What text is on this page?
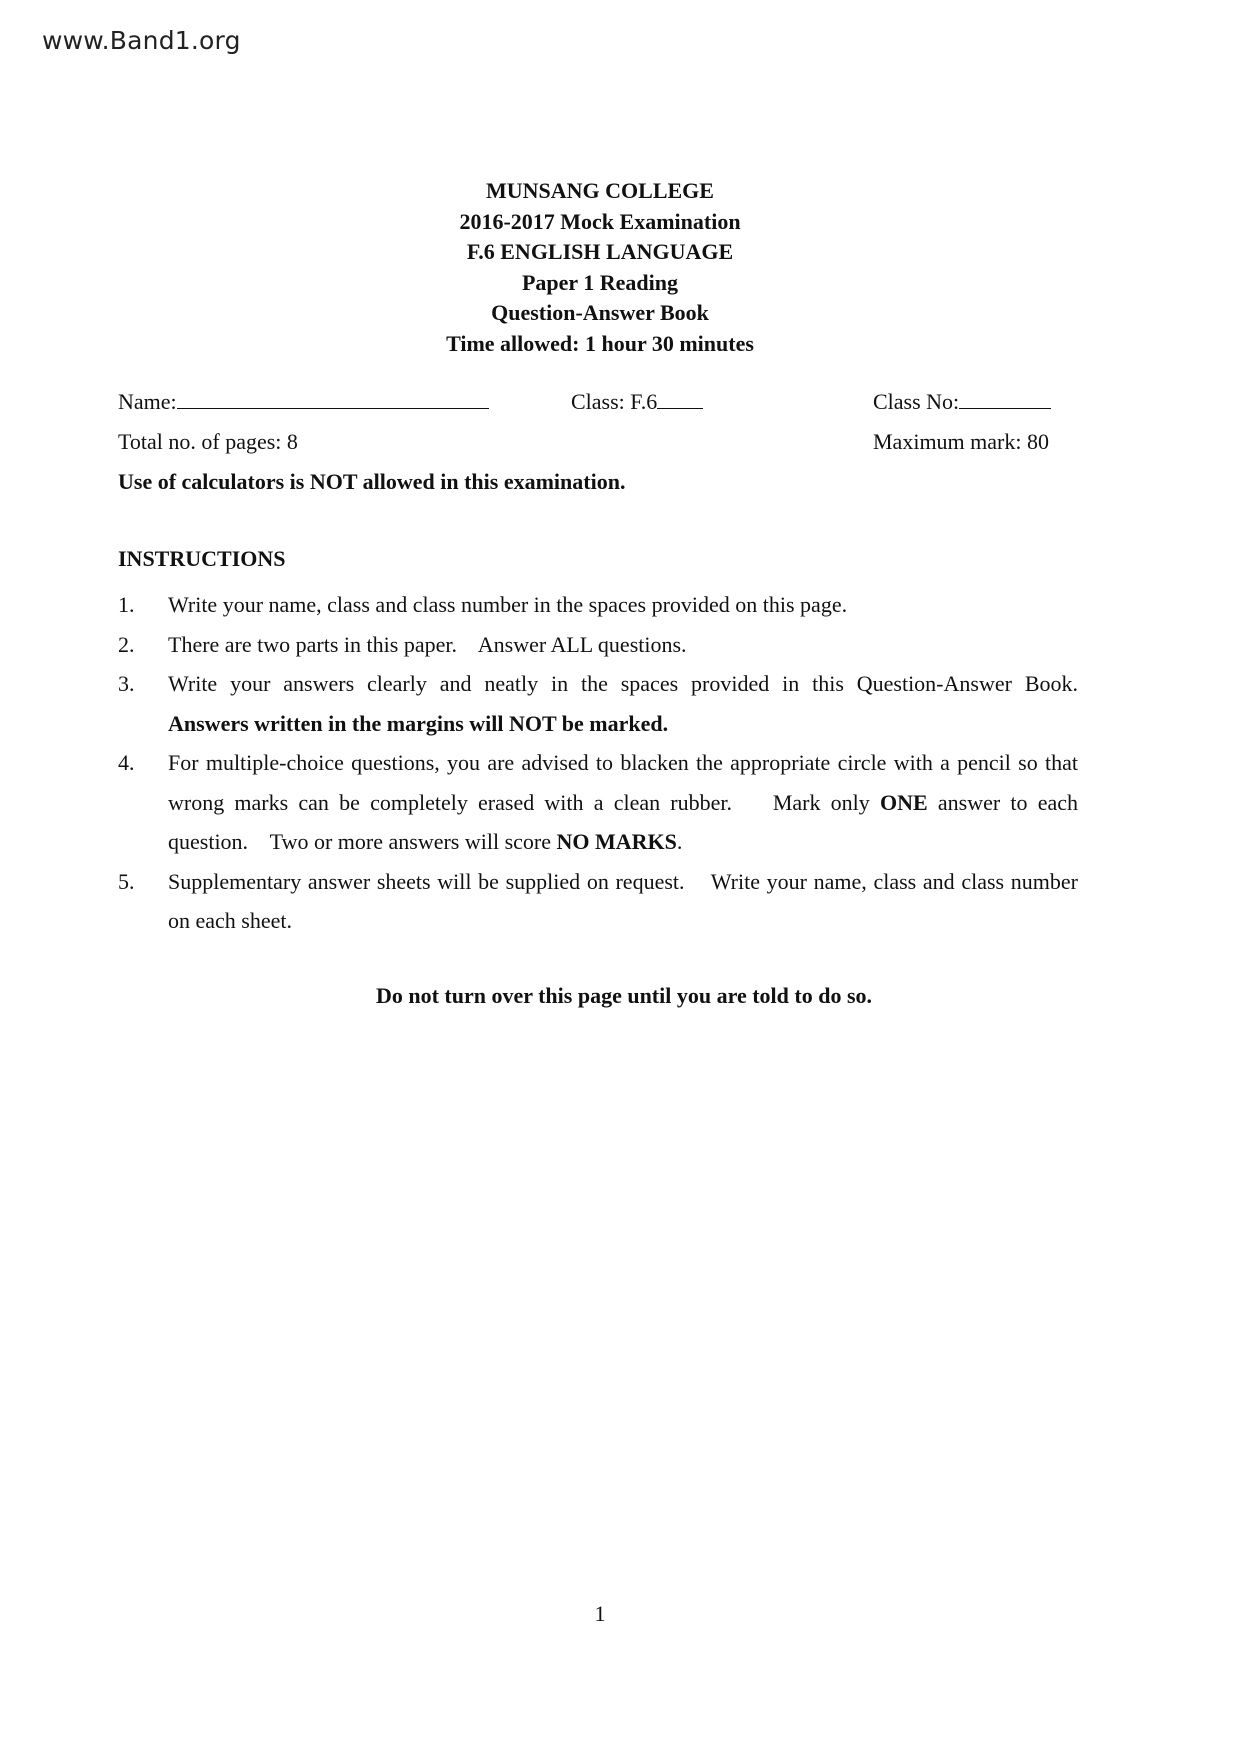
www.Band1.org
MUNSANG COLLEGE
2016-2017 Mock Examination
F.6 ENGLISH LANGUAGE
Paper 1 Reading
Question-Answer Book
Time allowed: 1 hour 30 minutes
Name:	Class: F.6	Class No:
Total no. of pages: 8	Maximum mark: 80
Use of calculators is NOT allowed in this examination.
INSTRUCTIONS
1.	Write your name, class and class number in the spaces provided on this page.
2.	There are two parts in this paper. Answer ALL questions.
3.	Write your answers clearly and neatly in the spaces provided in this Question-Answer Book.
Answers written in the margins will NOT be marked.
4.	For multiple-choice questions, you are advised to blacken the appropriate circle with a pencil so that wrong marks can be completely erased with a clean rubber. Mark only ONE answer to each question. Two or more answers will score NO MARKS.
5.	Supplementary answer sheets will be supplied on request. Write your name, class and class number on each sheet.
Do not turn over this page until you are told to do so.
1
